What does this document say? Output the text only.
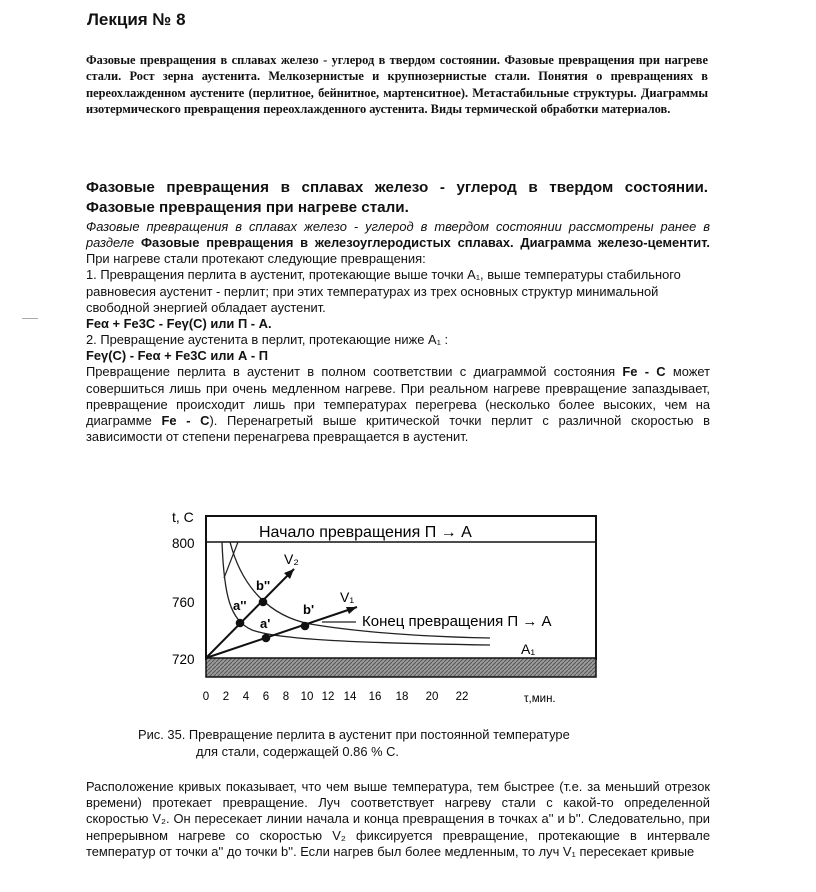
Лекция № 8
Фазовые превращения в сплавах железо - углерод в твердом состоянии. Фазовые превращения при нагреве стали. Рост зерна аустенита. Мелкозернистые и крупнозернистые стали. Понятия о превращениях в переохлажденном аустените (перлитное, бейнитное, мартенситное). Метастабильные структуры. Диаграммы изотермического превращения переохлажденного аустенита. Виды термической обработки материалов.
Фазовые превращения в сплавах железо - углерод в твердом состоянии. Фазовые превращения при нагреве стали.

Фазовые превращения в сплавах железо - углерод в твердом состоянии рассмотрены ранее в разделе Фазовые превращения в железоуглеродистых сплавах. Диаграмма железо-цементит. При нагреве стали протекают следующие превращения:

1. Превращения перлита в аустенит, протекающие выше точки А₁, выше температуры стабильного равновесия аустенит - перлит; при этих температурах из трех основных структур минимальной свободной энергией обладает аустенит.

Feα + Fe3C - Feγ(C) или П - А.

2. Превращение аустенита в перлит, протекающие ниже А₁ :

Feγ(C) - Feα + Fe3C или А - П

Превращение перлита в аустенит в полном соответствии с диаграммой состояния Fe - C может совершиться лишь при очень медленном нагреве. При реальном нагреве превращение запаздывает, превращение происходит лишь при температурах перегрева (несколько более высоких, чем на диаграмме Fe - C). Перенагретый выше критической точки перлит с различной скоростью в зависимости от степени перенагрева превращается в аустенит.

t, C
800
760
720
Начало превращения П → А
Конец превращения П → А
A₁
V₂
V₁
a''
b''
a'
b'
0 2 4 6 8 10 12 14 16 18 20 22	τ,мин.
Рис. 35. Превращение перлита в аустенит при постоянной температуре
для стали, содержащей 0.86 % С.

Расположение кривых показывает, что чем выше температура, тем быстрее (т.е. за меньший отрезок времени) протекает превращение. Луч соответствует нагреву стали с какой-то определенной скоростью V₂. Он пересекает линии начала и конца превращения в точках a'' и b''. Следовательно, при непрерывном нагреве со скоростью V₂ фиксируется превращение, протекающие в интервале температур от точки a'' до точки b''. Если нагрев был более медленным, то луч V₁ пересекает кривые
